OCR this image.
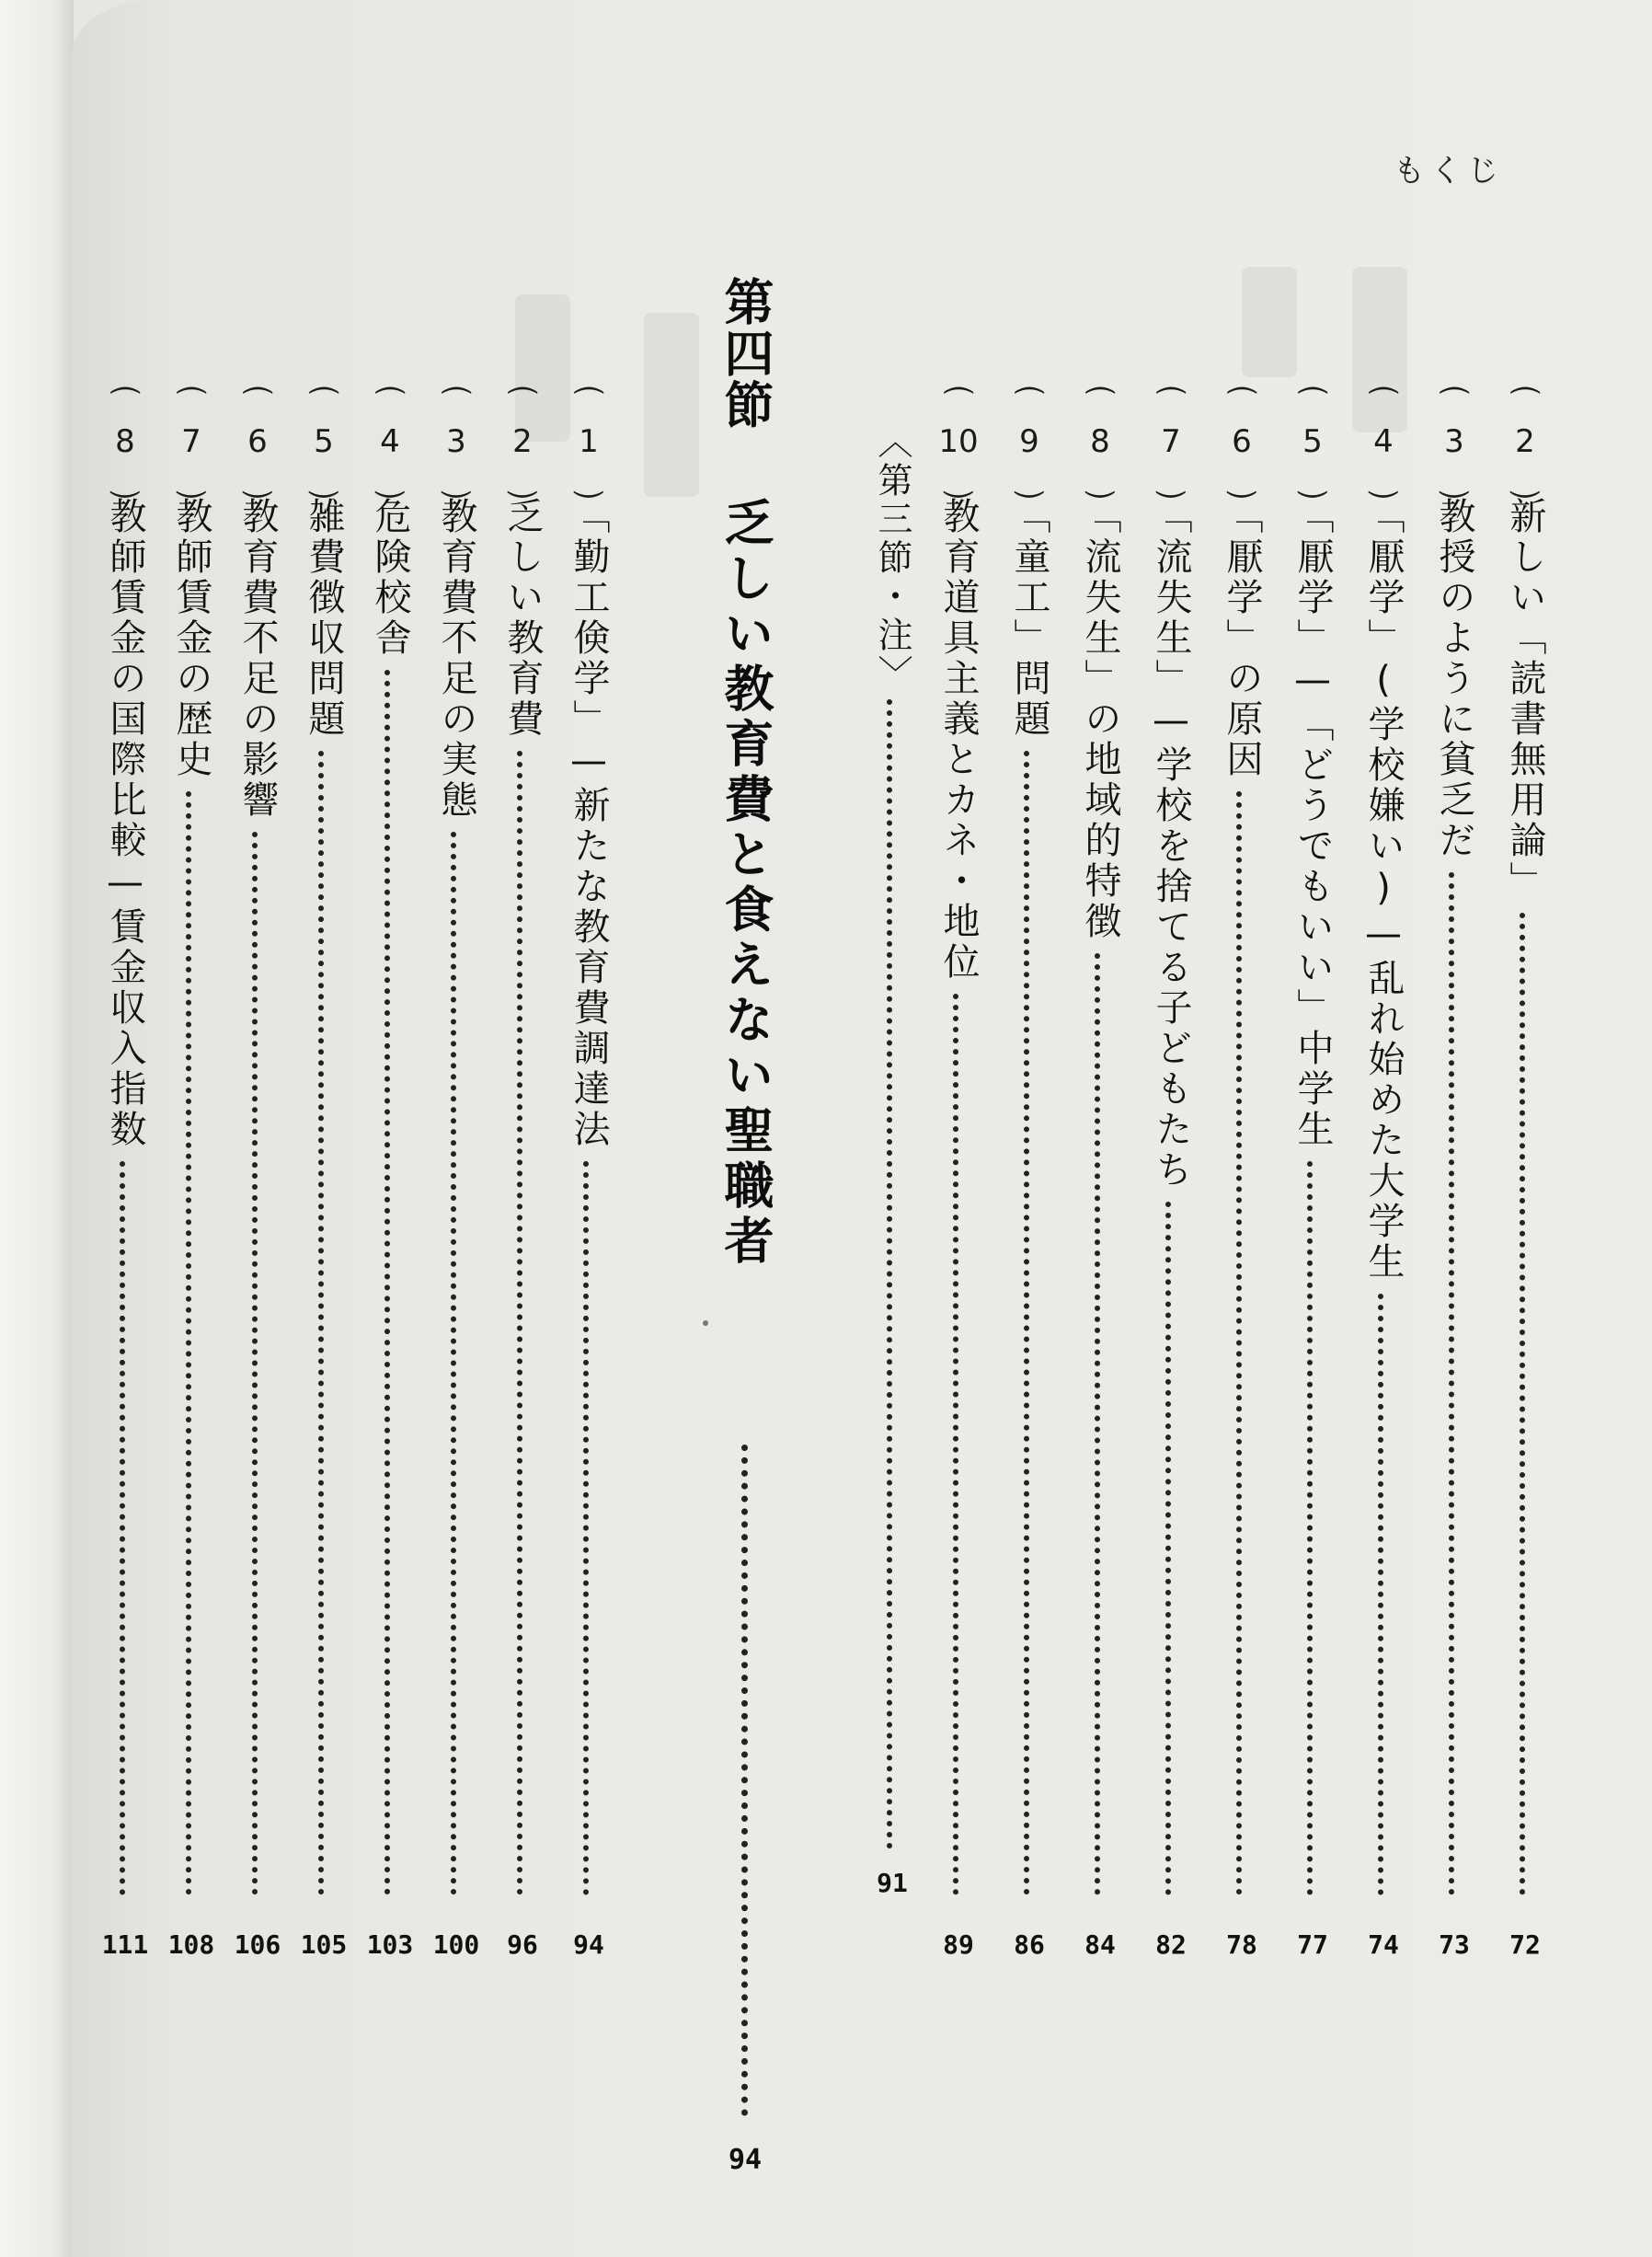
もくじ
⏜
2
⏝
新しい「読書無用論」
72
⏜
3
⏝
教授のように貧乏だ
73
⏜
4
⏝
「厭学」(学校嫌い)—乱れ始めた大学生
74
⏜
5
⏝
「厭学」—「どうでもいい」中学生
77
⏜
6
⏝
「厭学」の原因
78
⏜
7
⏝
「流失生」—学校を捨てる子どもたち
82
⏜
8
⏝
「流失生」の地域的特徴
84
⏜
9
⏝
「童工」問題
86
⏜
10
⏝
教育道具主義とカネ・地位
89
⏜
1
⏝
「勤工倹学」—新たな教育費調達法
94
⏜
2
⏝
乏しい教育費
96
⏜
3
⏝
教育費不足の実態
100
⏜
4
⏝
危険校舎
103
⏜
5
⏝
雑費徴収問題
105
⏜
6
⏝
教育費不足の影響
106
⏜
7
⏝
教師賃金の歴史
108
⏜
8
⏝
教師賃金の国際比較—賃金収入指数
111
〈第三節・注〉
91
第四節
乏しい教育費と食えない聖職者
94
